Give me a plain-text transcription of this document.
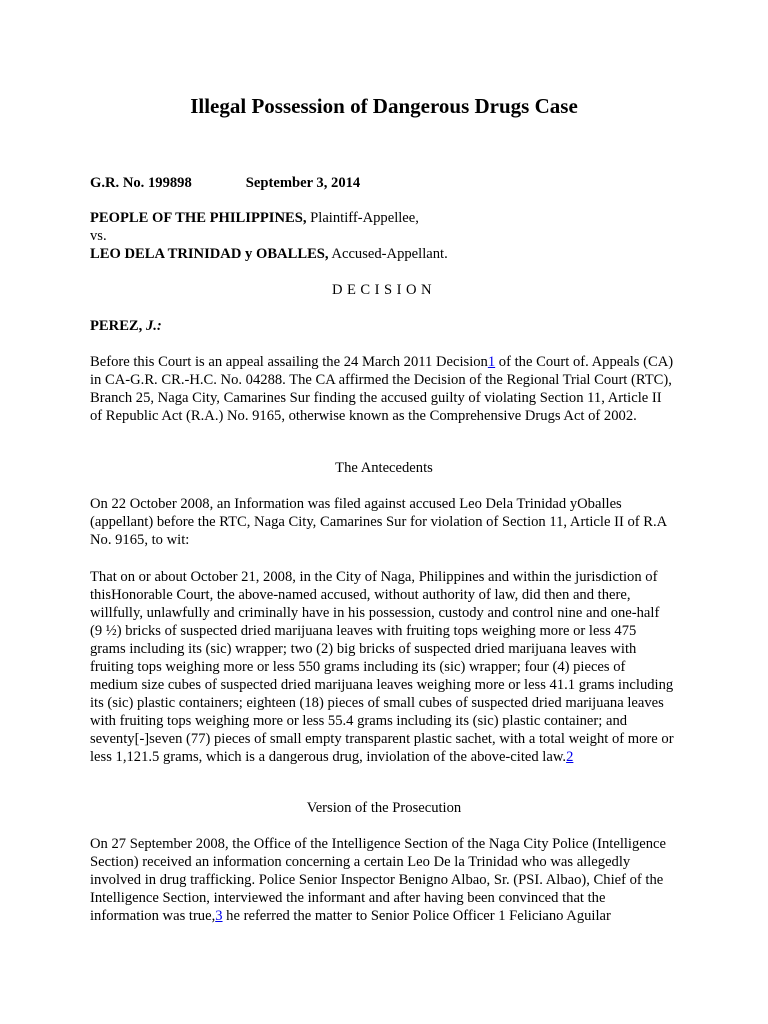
Illegal Possession of Dangerous Drugs Case

G.R. No. 199898	September 3, 2014

PEOPLE OF THE PHILIPPINES, Plaintiff-Appellee,
vs.
LEO DELA TRINIDAD y OBALLES, Accused-Appellant.

DECISION

PEREZ, J.:

Before this Court is an appeal assailing the 24 March 2011 Decision1 of the Court of. Appeals (CA) in CA-G.R. CR.-H.C. No. 04288. The CA affirmed the Decision of the Regional Trial Court (RTC), Branch 25, Naga City, Camarines Sur finding the accused guilty of violating Section 11, Article II of Republic Act (R.A.) No. 9165, otherwise known as the Comprehensive Drugs Act of 2002.

The Antecedents

On 22 October 2008, an Information was filed against accused Leo Dela Trinidad yOballes (appellant) before the RTC, Naga City, Camarines Sur for violation of Section 11, Article II of R.A No. 9165, to wit:

That on or about October 21, 2008, in the City of Naga, Philippines and within the jurisdiction of thisHonorable Court, the above-named accused, without authority of law, did then and there, willfully, unlawfully and criminally have in his possession, custody and control nine and one-half (9 ½) bricks of suspected dried marijuana leaves with fruiting tops weighing more or less 475 grams including its (sic) wrapper; two (2) big bricks of suspected dried marijuana leaves with fruiting tops weighing more or less 550 grams including its (sic) wrapper; four (4) pieces of medium size cubes of suspected dried marijuana leaves weighing more or less 41.1 grams including its (sic) plastic containers; eighteen (18) pieces of small cubes of suspected dried marijuana leaves with fruiting tops weighing more or less 55.4 grams including its (sic) plastic container; and seventy[-]seven (77) pieces of small empty transparent plastic sachet, with a total weight of more or less 1,121.5 grams, which is a dangerous drug, inviolation of the above-cited law.2

Version of the Prosecution

On 27 September 2008, the Office of the Intelligence Section of the Naga City Police (Intelligence Section) received an information concerning a certain Leo De la Trinidad who was allegedly involved in drug trafficking. Police Senior Inspector Benigno Albao, Sr. (PSI. Albao), Chief of the Intelligence Section, interviewed the informant and after having been convinced that the information was true,3 he referred the matter to Senior Police Officer 1 Feliciano Aguilar
